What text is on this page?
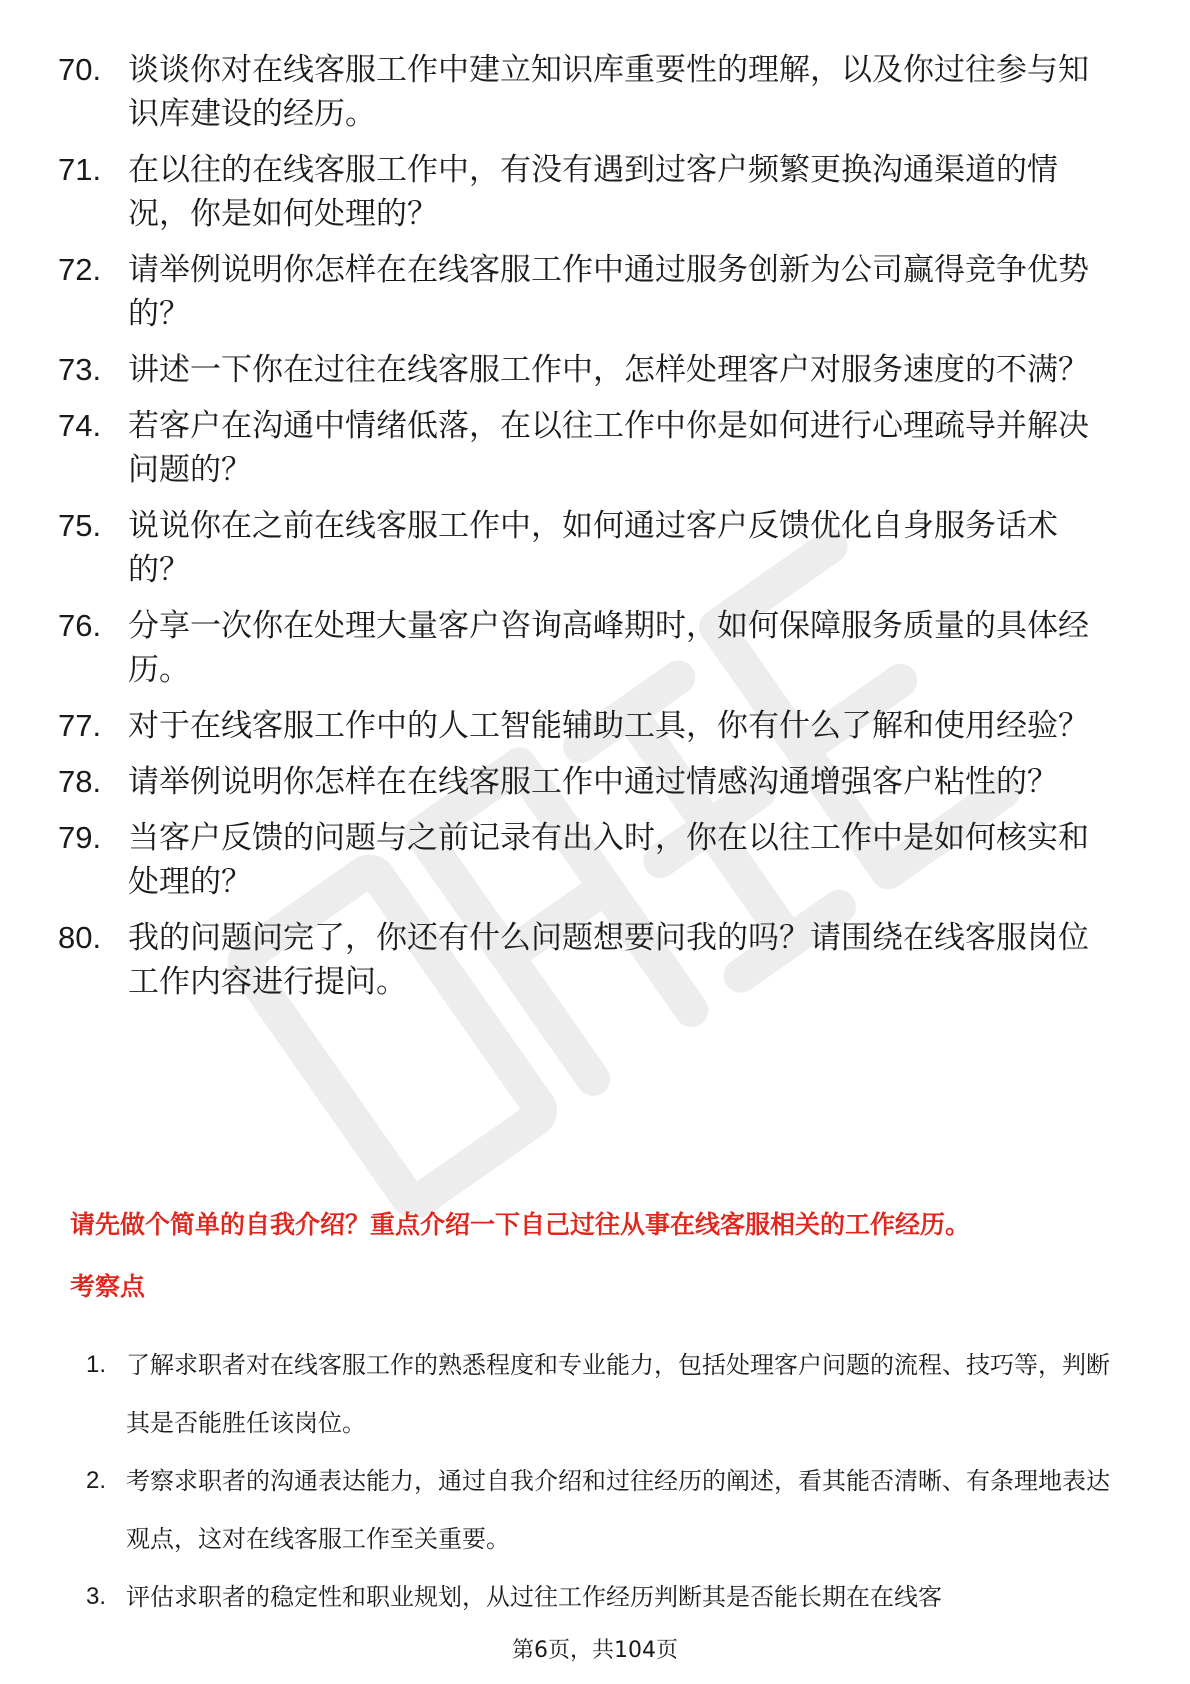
70. 谈谈你对在线客服工作中建立知识库重要性的理解，以及你过往参与知识库建设的经历。
71. 在以往的在线客服工作中，有没有遇到过客户频繁更换沟通渠道的情况，你是如何处理的？
72. 请举例说明你怎样在在线客服工作中通过服务创新为公司赢得竞争优势的？
73. 讲述一下你在过往在线客服工作中，怎样处理客户对服务速度的不满？
74. 若客户在沟通中情绪低落，在以往工作中你是如何进行心理疏导并解决问题的？
75. 说说你在之前在线客服工作中，如何通过客户反馈优化自身服务话术的？
76. 分享一次你在处理大量客户咨询高峰期时，如何保障服务质量的具体经历。
77. 对于在线客服工作中的人工智能辅助工具，你有什么了解和使用经验？
78. 请举例说明你怎样在在线客服工作中通过情感沟通增强客户粘性的？
79. 当客户反馈的问题与之前记录有出入时，你在以往工作中是如何核实和处理的？
80. 我的问题问完了，你还有什么问题想要问我的吗？请围绕在线客服岗位工作内容进行提问。
请先做个简单的自我介绍？重点介绍一下自己过往从事在线客服相关的工作经历。
考察点
1. 了解求职者对在线客服工作的熟悉程度和专业能力，包括处理客户问题的流程、技巧等，判断其是否能胜任该岗位。
2. 考察求职者的沟通表达能力，通过自我介绍和过往经历的阐述，看其能否清晰、有条理地表达观点，这对在线客服工作至关重要。
3. 评估求职者的稳定性和职业规划，从过往工作经历判断其是否能长期在在线客
第6页，共104页
